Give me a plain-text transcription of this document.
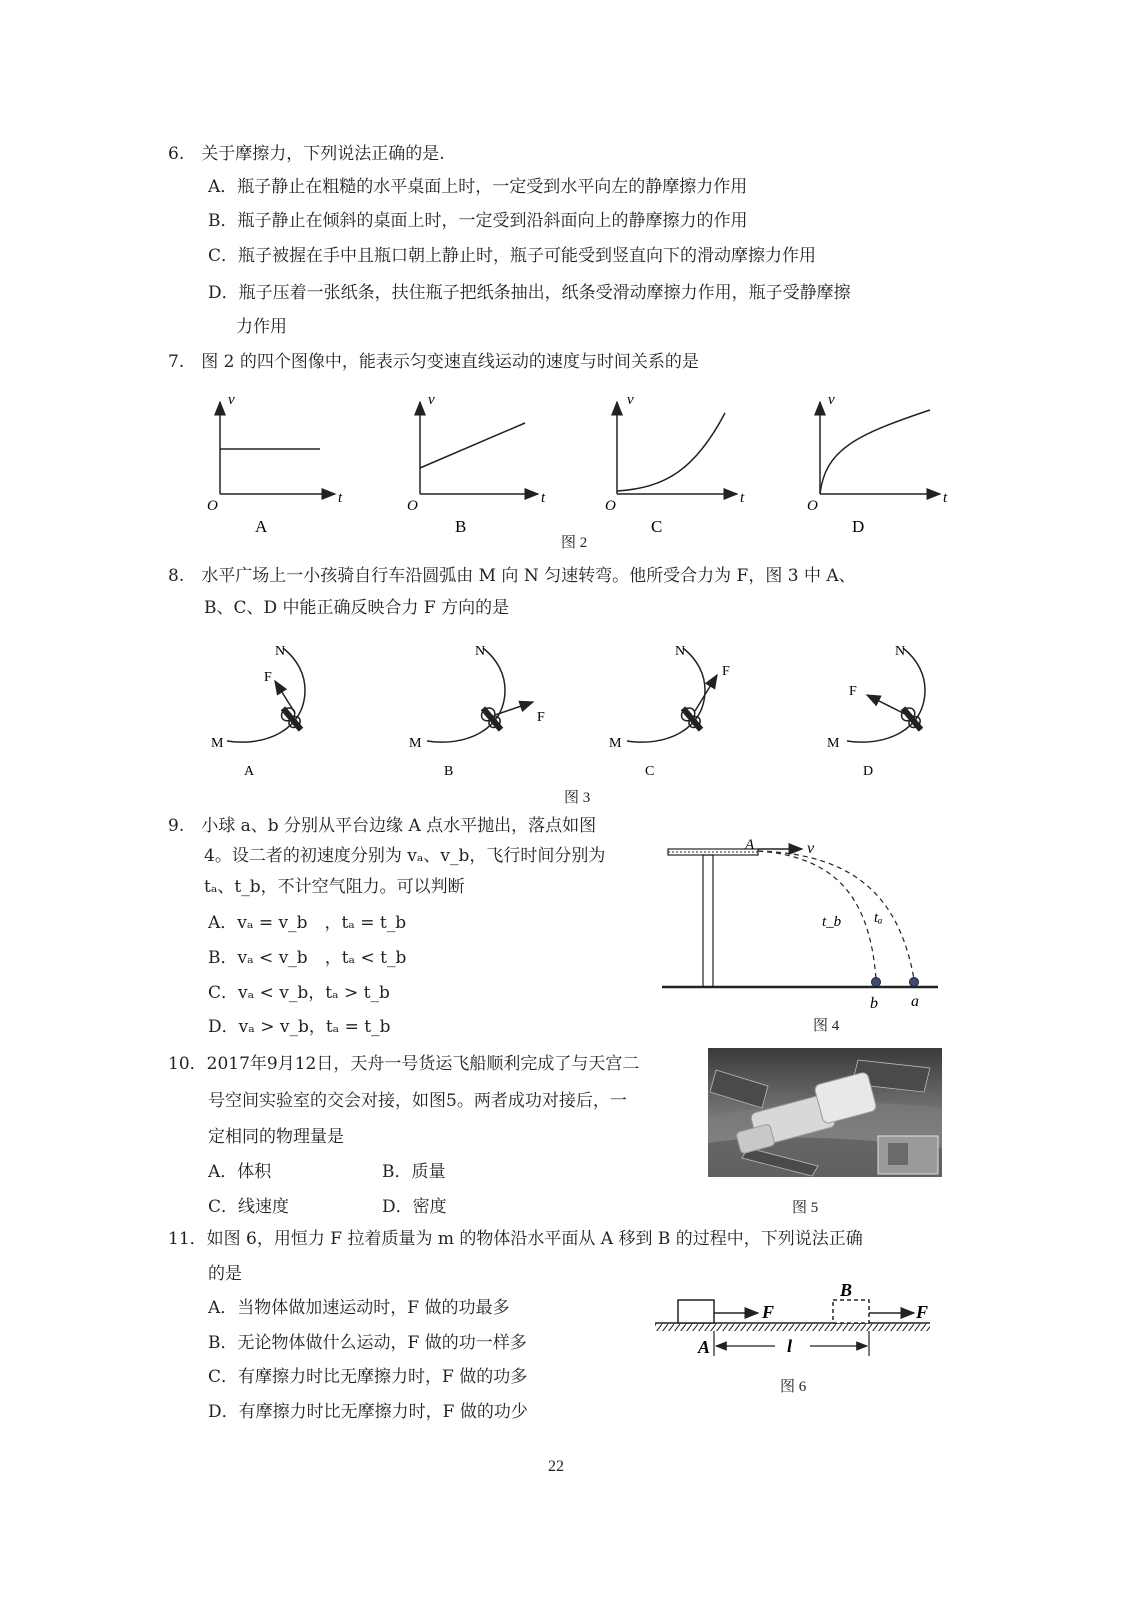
6.　关于摩擦力，下列说法正确的是.
A．瓶子静止在粗糙的水平桌面上时，一定受到水平向左的静摩擦力作用
B．瓶子静止在倾斜的桌面上时，一定受到沿斜面向上的静摩擦力的作用
C．瓶子被握在手中且瓶口朝上静止时，瓶子可能受到竖直向下的滑动摩擦力作用
D．瓶子压着一张纸条，扶住瓶子把纸条抽出，纸条受滑动摩擦力作用，瓶子受静摩擦
力作用
7.　图 2 的四个图像中，能表示匀变速直线运动的速度与时间关系的是
v
t
O
A
v
t
O
B
v
t
O
C
v
t
O
D
图 2
8.　水平广场上一小孩骑自行车沿圆弧由 M 向 N 匀速转弯。他所受合力为 F，图 3 中 A、
B、C、D 中能正确反映合力 F 方向的是
M
N
F
A
M
N
F
B
M
N
F
C
M
N
F
D
图 3
9.　小球 a、b 分别从平台边缘 A 点水平抛出，落点如图
4。设二者的初速度分别为 vₐ、v_b，飞行时间分别为
tₐ、t_b，不计空气阻力。可以判断
A．vₐ = v_b　，tₐ = t_b
B．vₐ < v_b　，tₐ < t_b
C．vₐ < v_b，tₐ > t_b
D．vₐ > v_b，tₐ = t_b
A	v
t_b tₐ
b a
图 4
10．2017年9月12日，天舟一号货运飞船顺利完成了与天宫二
号空间实验室的交会对接，如图5。两者成功对接后，一
定相同的物理量是
A．体积	B．质量
C．线速度	D．密度	图 5
11．如图 6，用恒力 F 拉着质量为 m 的物体沿水平面从 A 移到 B 的过程中，下列说法正确
的是
A．当物体做加速运动时，F 做的功最多
B．无论物体做什么运动，F 做的功一样多
C．有摩擦力时比无摩擦力时，F 做的功多
D．有摩擦力时比无摩擦力时，F 做的功少
F	F
B
A	l
图 6
22
